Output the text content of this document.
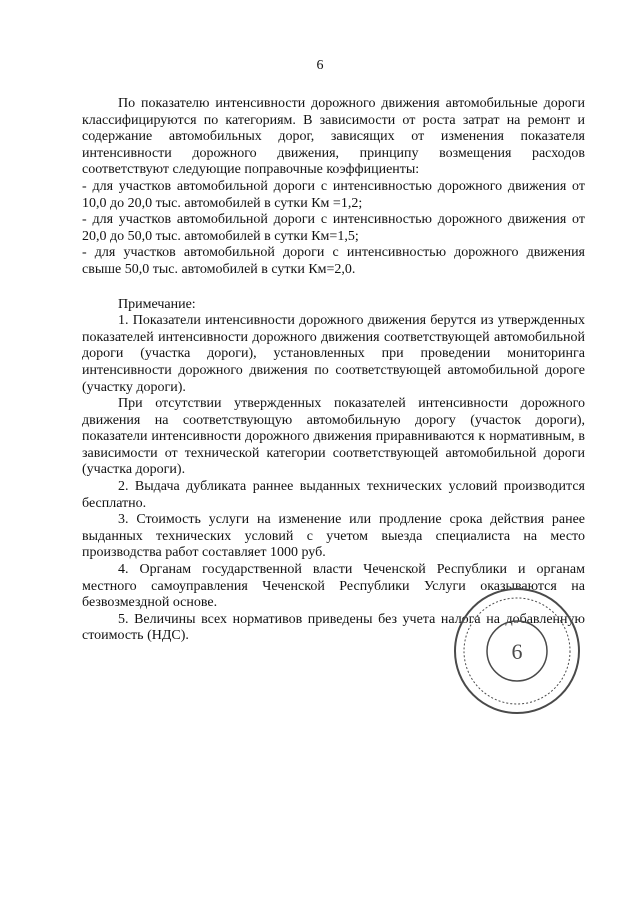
6

По показателю интенсивности дорожного движения автомобильные дороги классифицируются по категориям. В зависимости от роста затрат на ремонт и содержание автомобильных дорог, зависящих от изменения показателя интенсивности дорожного движения, принципу возмещения расходов соответствуют следующие поправочные коэффициенты:

- для участков автомобильной дороги с интенсивностью дорожного движения от 10,0 до 20,0 тыс. автомобилей в сутки Км =1,2;
- для участков автомобильной дороги с интенсивностью дорожного движения от 20,0 до 50,0 тыс. автомобилей в сутки Км=1,5;
- для участков автомобильной дороги с интенсивностью дорожного движения свыше 50,0 тыс. автомобилей в сутки Км=2,0.

Примечание:

1. Показатели интенсивности дорожного движения берутся из утвержденных показателей интенсивности дорожного движения соответствующей автомобильной дороги (участка дороги), установленных при проведении мониторинга интенсивности дорожного движения по соответствующей автомобильной дороге (участку дороги).

При отсутствии утвержденных показателей интенсивности дорожного движения на соответствующую автомобильную дорогу (участок дороги), показатели интенсивности дорожного движения приравниваются к нормативным, в зависимости от технической категории соответствующей автомобильной дороги (участка дороги).

2. Выдача дубликата раннее выданных технических условий производится бесплатно.

3. Стоимость услуги на изменение или продление срока действия ранее выданных технических условий с учетом выезда специалиста на место производства работ составляет 1000 руб.

4. Органам государственной власти Чеченской Республики и органам местного самоуправления Чеченской Республики Услуги оказываются на безвозмездной основе.

5. Величины всех нормативов приведены без учета налога на добавленную стоимость (НДС).

6
